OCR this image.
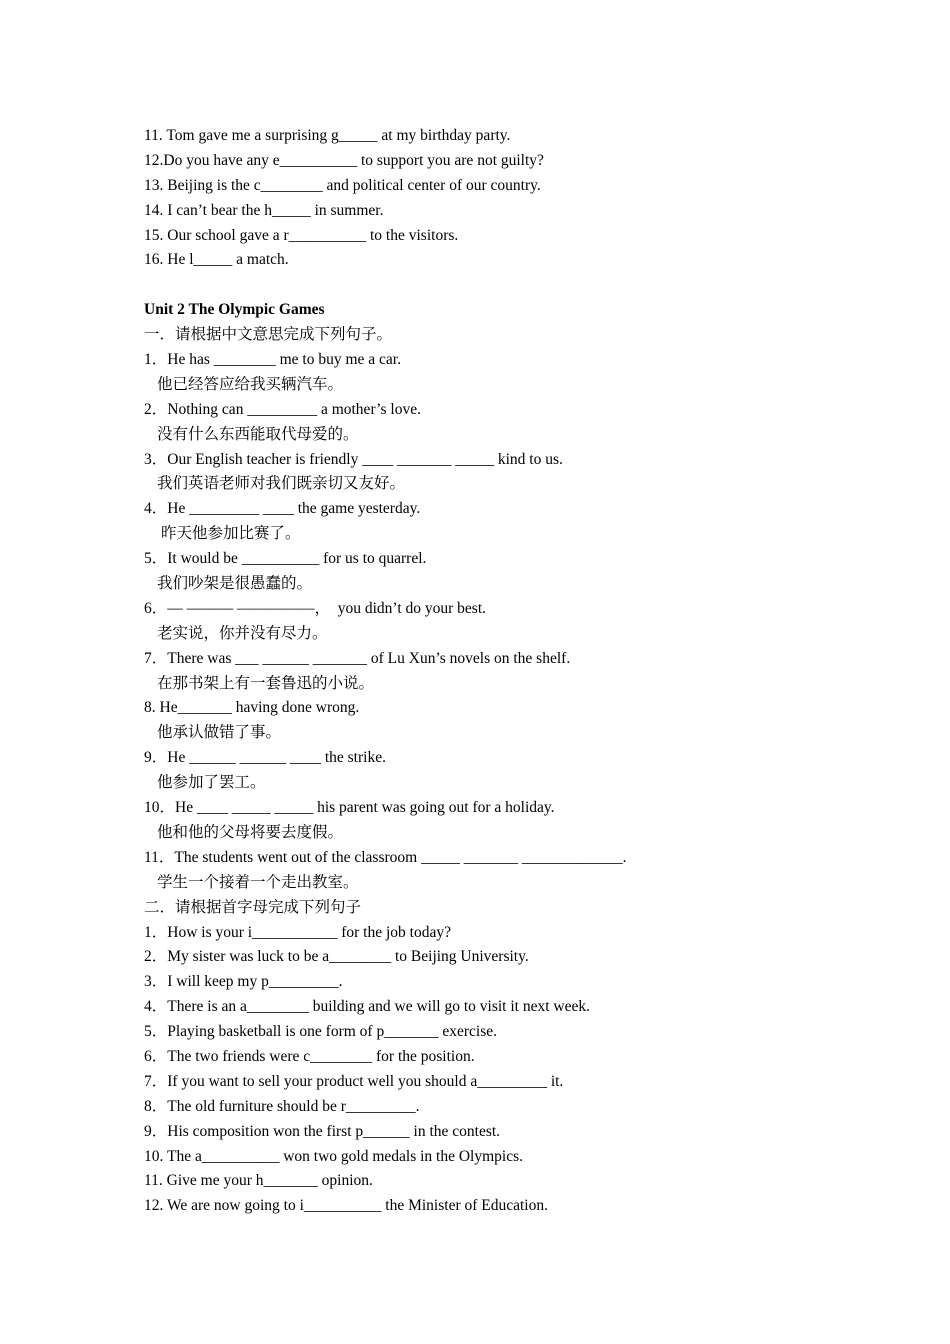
11. Tom gave me a surprising g_____ at my birthday party.
12.Do you have any e__________ to support you are not guilty?
13. Beijing is the c________ and political center of our country.
14. I can’t bear the h_____ in summer.
15. Our school gave a r__________ to the visitors.
16. He l_____ a match.
Unit 2 The Olympic Games
一．请根据中文意思完成下列句子。
1．He has ________ me to buy me a car.
他已经答应给我买辆汽车。
2．Nothing can _________ a mother’s love.
没有什么东西能取代母爱的。
3．Our English teacher is friendly ____ _______ _____ kind to us.
我们英语老师对我们既亲切又友好。
4．He _________ ____ the game yesterday.
昨天他参加比赛了。
5．It would be __________ for us to quarrel.
我们吵架是很愚蠢的。
6．— ——— —————，  you didn’t do your best.
老实说，你并没有尽力。
7．There was ___ ______ _______ of Lu Xun’s novels on the shelf.
在那书架上有一套鲁迅的小说。
8. He_______ having done wrong.
他承认做错了事。
9．He ______ ______ ____ the strike.
他参加了罢工。
10．He ____ _____ _____ his parent was going out for a holiday.
他和他的父母将要去度假。
11．The students went out of the classroom _____ _______ _____________.
学生一个接着一个走出教室。
二．请根据首字母完成下列句子
1．How is your i___________ for the job today?
2．My sister was luck to be a________ to Beijing University.
3．I will keep my p_________.
4．There is an a________ building and we will go to visit it next week.
5．Playing basketball is one form of p_______ exercise.
6．The two friends were c________ for the position.
7．If you want to sell your product well you should a_________ it.
8．The old furniture should be r_________.
9．His composition won the first p______ in the contest.
10. The a__________ won two gold medals in the Olympics.
11. Give me your h_______ opinion.
12. We are now going to i__________ the Minister of Education.
